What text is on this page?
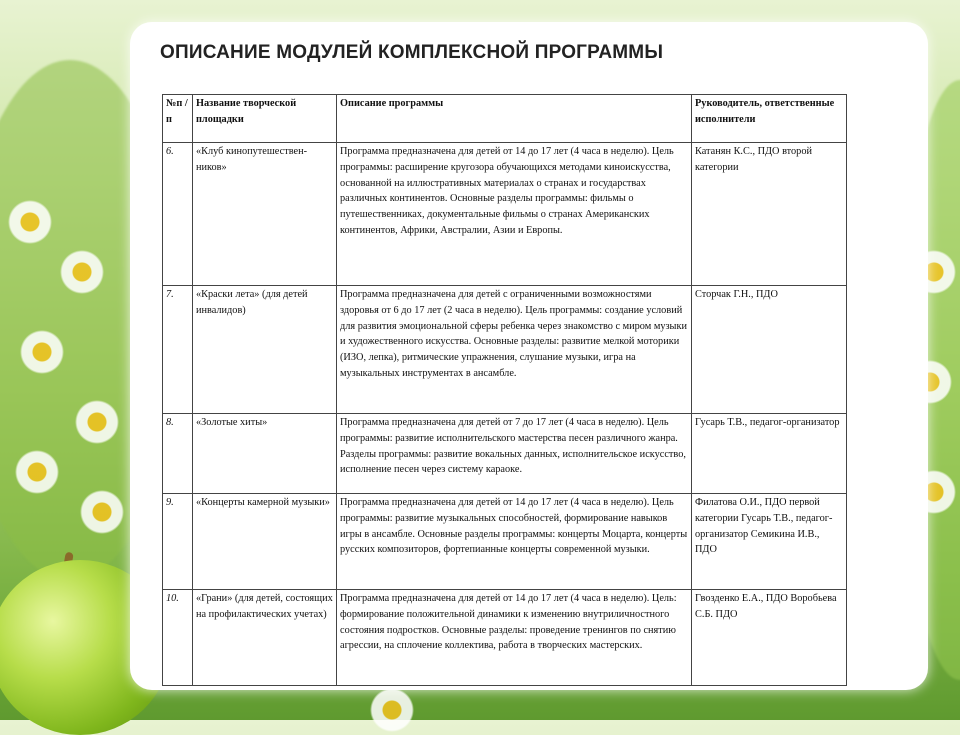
ОПИСАНИЕ МОДУЛЕЙ КОМПЛЕКСНОЙ ПРОГРАММЫ
№п /п	Название творческой площадки	Описание программы	Руководитель, ответственные исполнители
6.	«Клуб кинопутешествен-ников»	Программа предназначена для детей от 14 до 17 лет (4 часа в неделю). Цель программы: расширение кругозора обучающихся методами киноискусства, основанной на иллюстративных материалах о странах и государствах различных континентов. Основные разделы программы: фильмы о путешественниках, документальные фильмы о странах Американских континентов, Африки, Австралии, Азии и Европы.	Катанян К.С., ПДО второй категории
7.	«Краски лета» (для детей инвалидов)	Программа предназначена для детей с ограниченными возможностями здоровья от 6 до 17 лет (2 часа в неделю). Цель программы: создание условий для развития эмоциональной сферы ребенка через знакомство с миром музыки и художественного искусства. Основные разделы: развитие мелкой моторики (ИЗО, лепка), ритмические упражнения, слушание музыки, игра на музыкальных инструментах в ансамбле.	Сторчак Г.Н., ПДО
8.	«Золотые хиты»	Программа предназначена для детей от 7 до 17 лет (4 часа в неделю). Цель программы: развитие исполнительского мастерства песен различного жанра. Разделы программы: развитие вокальных данных, исполнительское искусство, исполнение песен через систему караоке.	Гусарь Т.В., педагог-организатор
9.	«Концерты камерной музыки»	Программа предназначена для детей от 14 до 17 лет (4 часа в неделю). Цель программы: развитие музыкальных способностей, формирование навыков игры в ансамбле. Основные разделы программы: концерты Моцарта, концерты русских композиторов, фортепианные концерты современной музыки.	Филатова О.И., ПДО первой категории Гусарь Т.В., педагог-организатор Семикина И.В., ПДО
10.	«Грани» (для детей, состоящих на профилактических учетах)	Программа предназначена для детей от 14 до 17 лет (4 часа в неделю). Цель: формирование положительной динамики к изменению внутриличностного состояния подростков. Основные разделы: проведение тренингов по снятию агрессии, на сплочение коллектива, работа в творческих мастерских.	Гвозденко Е.А., ПДО Воробьева С.Б. ПДО
MyShared
